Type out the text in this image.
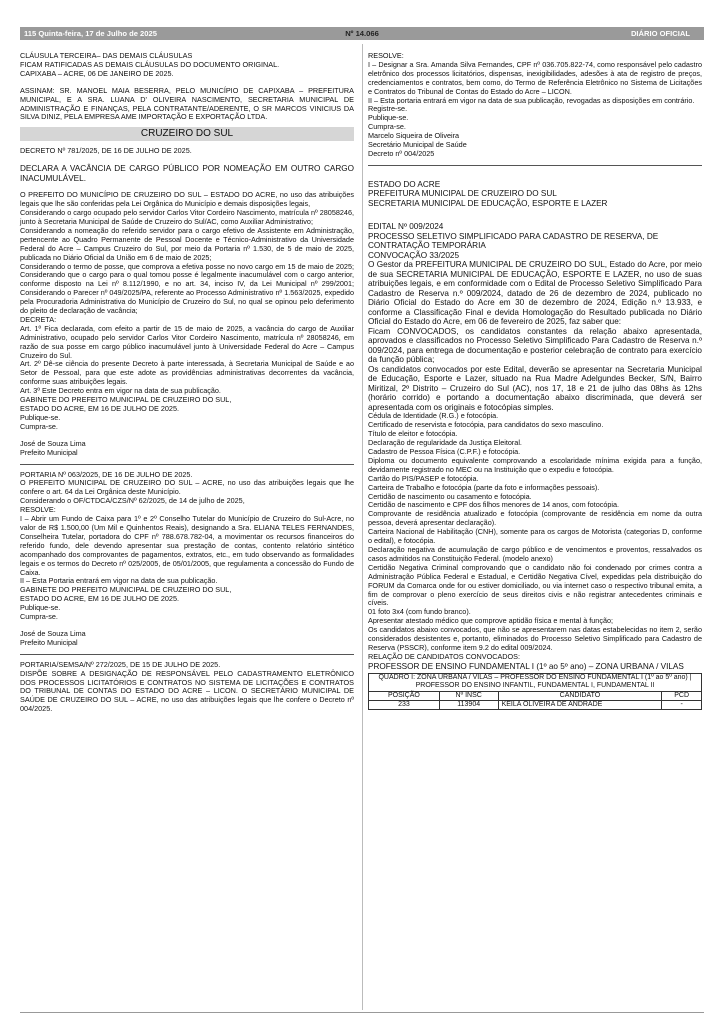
Nº 14.066
115 Quinta-feira, 17 de Julho de 2025	DIÁRIO OFICIAL

CLÁUSULA TERCEIRA– DAS DEMAIS CLÁUSULAS

FICAM RATIFICADAS AS DEMAIS CLÁUSULAS DO DOCUMENTO ORIGINAL.

CAPIXABA – ACRE, 06 DE JANEIRO DE 2025.

ASSINAM: SR. MANOEL MAIA BESERRA, PELO MUNICÍPIO DE CAPIXABA – PREFEITURA MUNICIPAL, E A SRA. LUANA D' OLIVEIRA NASCIMENTO, SECRETARIA MUNICIPAL DE ADMINISTRAÇÃO E FINANÇAS, PELA CONTRATANTE/ADERENTE, O SR MARCOS VINICIUS DA SILVA DINIZ, PELA EMPRESA AME IMPORTAÇÃO E EXPORTAÇÃO LTDA.

CRUZEIRO DO SUL

DECRETO Nº 781/2025, DE 16 DE JULHO DE 2025.

DECLARA A VACÂNCIA DE CARGO PÚBLICO POR NOMEAÇÃO EM OUTRO CARGO INACUMULÁVEL.

O PREFEITO DO MUNICÍPIO DE CRUZEIRO DO SUL – ESTADO DO ACRE, no uso das atribuições legais que lhe são conferidas pela Lei Orgânica do Município e demais disposições legais,

Considerando o cargo ocupado pelo servidor Carlos Vitor Cordeiro Nascimento, matrícula nº 28058246, junto à Secretaria Municipal de Saúde de Cruzeiro do Sul/AC, como Auxiliar Administrativo;

Considerando a nomeação do referido servidor para o cargo efetivo de Assistente em Administração, pertencente ao Quadro Permanente de Pessoal Docente e Técnico-Administrativo da Universidade Federal do Acre – Campus Cruzeiro do Sul, por meio da Portaria nº 1.530, de 5 de maio de 2025, publicada no Diário Oficial da União em 6 de maio de 2025;

Considerando o termo de posse, que comprova a efetiva posse no novo cargo em 15 de maio de 2025; Considerando que o cargo para o qual tomou posse é legalmente inacumulável com o cargo anterior, conforme disposto na Lei nº 8.112/1990, e no art. 34, inciso IV, da Lei Municipal nº 299/2001; Considerando o Parecer nº 049/2025/PA, referente ao Processo Administrativo nº 1.563/2025, expedido pela Procuradoria Administrativa do Município de Cruzeiro do Sul, no qual se opinou pelo deferimento do pleito de declaração de vacância;

DECRETA:

Art. 1º Fica declarada, com efeito a partir de 15 de maio de 2025, a vacância do cargo de Auxiliar Administrativo, ocupado pelo servidor Carlos Vitor Cordeiro Nascimento, matrícula nº 28058246, em razão de sua posse em cargo público inacumulável junto à Universidade Federal do Acre – Campus Cruzeiro do Sul.

Art. 2º Dê-se ciência do presente Decreto à parte interessada, à Secretaria Municipal de Saúde e ao Setor de Pessoal, para que este adote as providências administrativas decorrentes da vacância, conforme suas atribuições legais.

Art. 3º Este Decreto entra em vigor na data de sua publicação.

GABINETE DO PREFEITO MUNICIPAL DE CRUZEIRO DO SUL,

ESTADO DO ACRE, EM 16 DE JULHO DE 2025.

Publique-se.

Cumpra-se.

José de Souza Lima

Prefeito Municipal

PORTARIA Nº 063/2025, DE 16 DE JULHO DE 2025.

O PREFEITO MUNICIPAL DE CRUZEIRO DO SUL – ACRE, no uso das atribuições legais que lhe confere o art. 64 da Lei Orgânica deste Município.

Considerando o OF/CTDCA/CZS/Nº 62/2025, de 14 de julho de 2025,

RESOLVE:

I – Abrir um Fundo de Caixa para 1º e 2º Conselho Tutelar do Município de Cruzeiro do Sul-Acre, no valor de R$ 1.500,00 (Um Mil e Quinhentos Reais), designando a Sra. ELIANA TELES FERNANDES, Conselheira Tutelar, portadora do CPF nº 788.678.782-04, a movimentar os recursos financeiros do referido fundo, dele devendo apresentar sua prestação de contas, contento relatório sintético acompanhado dos comprovantes de pagamentos, extratos, etc., em tudo observando as formalidades legais e os termos do Decreto nº 025/2005, de 05/01/2005, que regulamenta a concessão do Fundo de Caixa.

II – Esta Portaria entrará em vigor na data de sua publicação.

GABINETE DO PREFEITO MUNICIPAL DE CRUZEIRO DO SUL,

ESTADO DO ACRE, EM 16 DE JULHO DE 2025.

Publique-se.

Cumpra-se.

José de Souza Lima

Prefeito Municipal

PORTARIA/SEMSA/Nº 272/2025, DE 15 DE JULHO DE 2025.

DISPÕE SOBRE A DESIGNAÇÃO DE RESPONSÁVEL PELO CADASTRAMENTO ELETRÔNICO DOS PROCESSOS LICITATÓRIOS E CONTRATOS NO SISTEMA DE LICITAÇÕES E CONTRATOS DO TRIBUNAL DE CONTAS DO ESTADO DO ACRE – LICON. O SECRETÁRIO MUNICIPAL DE SAÚDE DE CRUZEIRO DO SUL – ACRE, no uso das atribuições legais que lhe confere o Decreto nº 004/2025.

RESOLVE:

I – Designar a Sra. Amanda Silva Fernandes, CPF nº 036.705.822-74, como responsável pelo cadastro eletrônico dos processos licitatórios, dispensas, inexigibilidades, adesões à ata de registro de preços, credenciamentos e contratos, bem como, do Termo de Referência Eletrônico no Sistema de Licitações e Contratos do Tribunal de Contas do Estado do Acre – LICON.

II – Esta portaria entrará em vigor na data de sua publicação, revogadas as disposições em contrário.

Registre-se.

Publique-se.

Cumpra-se.

Marcelo Siqueira de Oliveira

Secretário Municipal de Saúde

Decreto nº 004/2025

ESTADO DO ACRE

PREFEITURA MUNICIPAL DE CRUZEIRO DO SUL

SECRETARIA MUNICIPAL DE EDUCAÇÃO, ESPORTE E LAZER

EDITAL Nº 009/2024

PROCESSO SELETIVO SIMPLIFICADO PARA CADASTRO DE RESERVA, DE CONTRATAÇÃO TEMPORÁRIA

CONVOCAÇÃO 33/2025

O Gestor da PREFEITURA MUNICIPAL DE CRUZEIRO DO SUL, Estado do Acre, por meio de sua SECRETARIA MUNICIPAL DE EDUCAÇÃO, ESPORTE E LAZER, no uso de suas atribuições legais, e em conformidade com o Edital de Processo Seletivo Simplificado Para Cadastro de Reserva n.º 009/2024, datado de 26 de dezembro de 2024, publicado no Diário Oficial do Estado do Acre em 30 de dezembro de 2024, Edição n.º 13.933, e conforme a Classificação Final e devida Homologação do Resultado publicada no Diário Oficial do Estado do Acre, em 06 de fevereiro de 2025, faz saber que:

Ficam CONVOCADOS, os candidatos constantes da relação abaixo apresentada, aprovados e classificados no Processo Seletivo Simplificado Para Cadastro de Reserva n.º 009/2024, para entrega de documentação e posterior celebração de contrato para exercício da função pública;

Os candidatos convocados por este Edital, deverão se apresentar na Secretaria Municipal de Educação, Esporte e Lazer, situado na Rua Madre Adelgundes Becker, S/N, Bairro Miritizal, 2º Distrito – Cruzeiro do Sul (AC), nos 17, 18 e 21 de julho das 08hs às 12hs (horário corrido) e portando a documentação abaixo discriminada, que deverá ser apresentada com os originais e fotocópias simples.

Cédula de Identidade (R.G.) e fotocópia.

Certificado de reservista e fotocópia, para candidatos do sexo masculino.

Título de eleitor e fotocópia.

Declaração de regularidade da Justiça Eleitoral.

Cadastro de Pessoa Física (C.P.F.) e fotocópia.

Diploma ou documento equivalente comprovando a escolaridade mínima exigida para a função, devidamente registrado no MEC ou na Instituição que o expediu e fotocópia.

Cartão do PIS/PASEP e fotocópia.

Carteira de Trabalho e fotocópia (parte da foto e informações pessoais).

Certidão de nascimento ou casamento e fotocópia.

Certidão de nascimento e CPF dos filhos menores de 14 anos, com fotocópia.

Comprovante de residência atualizado e fotocópia (comprovante de residência em nome da outra pessoa, deverá apresentar declaração).

Carteira Nacional de Habilitação (CNH), somente para os cargos de Motorista (categorias D, conforme o edital), e fotocópia.

Declaração negativa de acumulação de cargo público e de vencimentos e proventos, ressalvados os casos admitidos na Constituição Federal. (modelo anexo)

Certidão Negativa Criminal comprovando que o candidato não foi condenado por crimes contra a Administração Pública Federal e Estadual, e Certidão Negativa Cível, expedidas pela distribuição do FORUM da Comarca onde for ou estiver domiciliado, ou via internet caso o respectivo tribunal emita, a fim de comprovar o pleno exercício de seus direitos civis e não registrar antecedentes criminais e cíveis.

01 foto 3x4 (com fundo branco).

Apresentar atestado médico que comprove aptidão física e mental à função;

Os candidatos abaixo convocados, que não se apresentarem nas datas estabelecidas no item 2, serão considerados desistentes e, portanto, eliminados do Processo Seletivo Simplificado para Cadastro de Reserva (PSSCR), conforme item 9.2 do edital 009/2024.

RELAÇÃO DE CANDIDATOS CONVOCADOS:

PROFESSOR DE ENSINO FUNDAMENTAL I (1º ao 5º ano) – ZONA URBANA / VILAS

QUADRO I: ZONA URBANA / VILAS – PROFESSOR DO ENSINO FUNDAMENTAL I (1º ao 5º ano) | PROFESSOR DO ENSINO INFANTIL, FUNDAMENTAL I, FUNDAMENTAL II			
POSIÇÃO	Nº INSC	CANDIDATO	PCD
233	113904	KEILA OLIVEIRA DE ANDRADE	-
